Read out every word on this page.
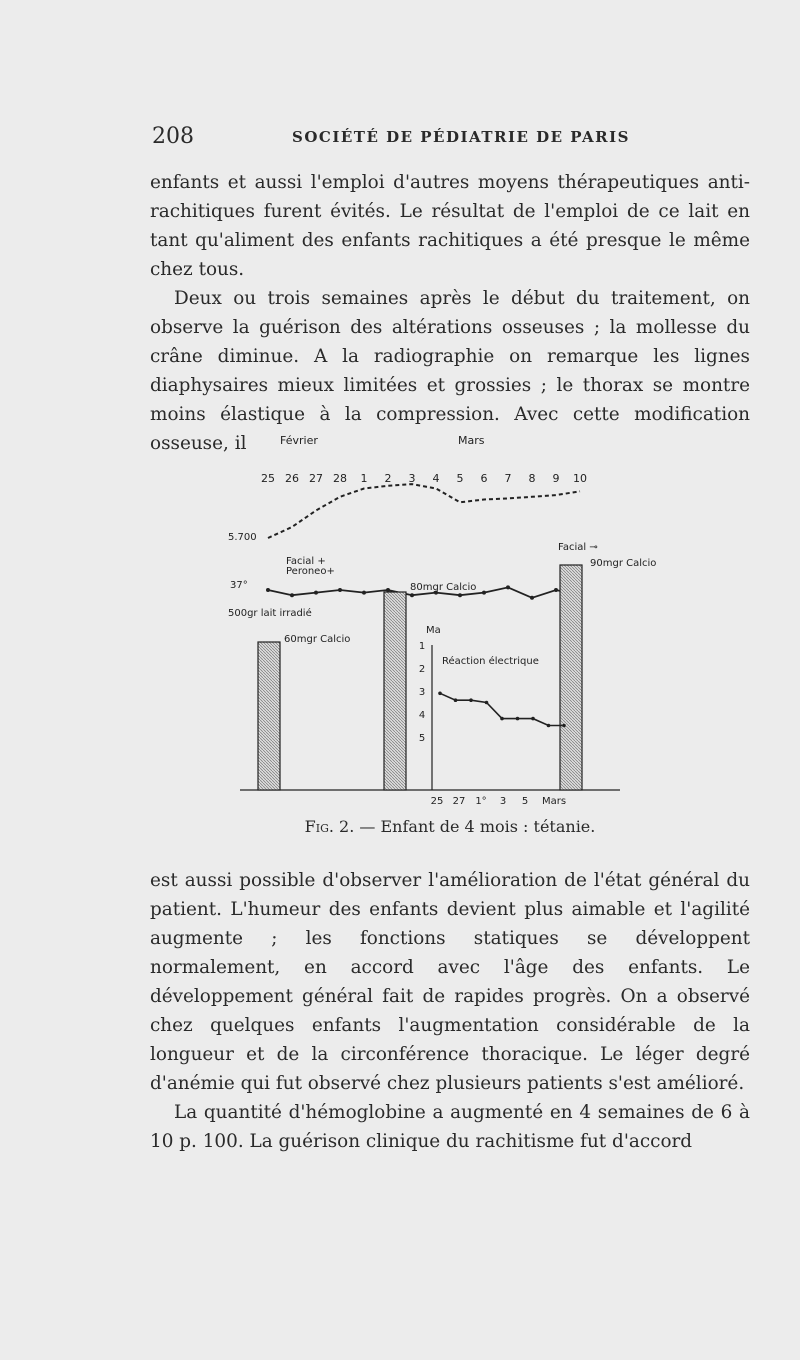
208	SOCIÉTÉ DE PÉDIATRIE DE PARIS

enfants et aussi l'emploi d'autres moyens thérapeutiques anti-rachitiques furent évités. Le résultat de l'emploi de ce lait en tant qu'aliment des enfants rachitiques a été presque le même chez tous.

Deux ou trois semaines après le début du traitement, on observe la guérison des altérations osseuses ; la mollesse du crâne diminue. A la radiographie on remarque les lignes diaphysaires mieux limitées et grossies ; le thorax se montre moins élastique à la compression. Avec cette modification osseuse, il	Février	Mars
25 26 27 28 1 2 3 4 5 6 7 8 9 10
5.700
37°
Facial +
Peroneo+
Facial ⊸
90mgr Calcio
80mgr Calcio
500gr lait irradié
60mgr Calcio
Ma
Réaction électrique
1
2
3
4
5
25 27 1° 3 5 Mars
Fig. 2. — Enfant de 4 mois : tétanie.

est aussi possible d'observer l'amélioration de l'état général du patient. L'humeur des enfants devient plus aimable et l'agilité augmente ; les fonctions statiques se développent normalement, en accord avec l'âge des enfants. Le développement général fait de rapides progrès. On a observé chez quelques enfants l'augmentation considérable de la longueur et de la circonférence thoracique. Le léger degré d'anémie qui fut observé chez plusieurs patients s'est amélioré.

La quantité d'hémoglobine a augmenté en 4 semaines de 6 à 10 p. 100. La guérison clinique du rachitisme fut d'accord
